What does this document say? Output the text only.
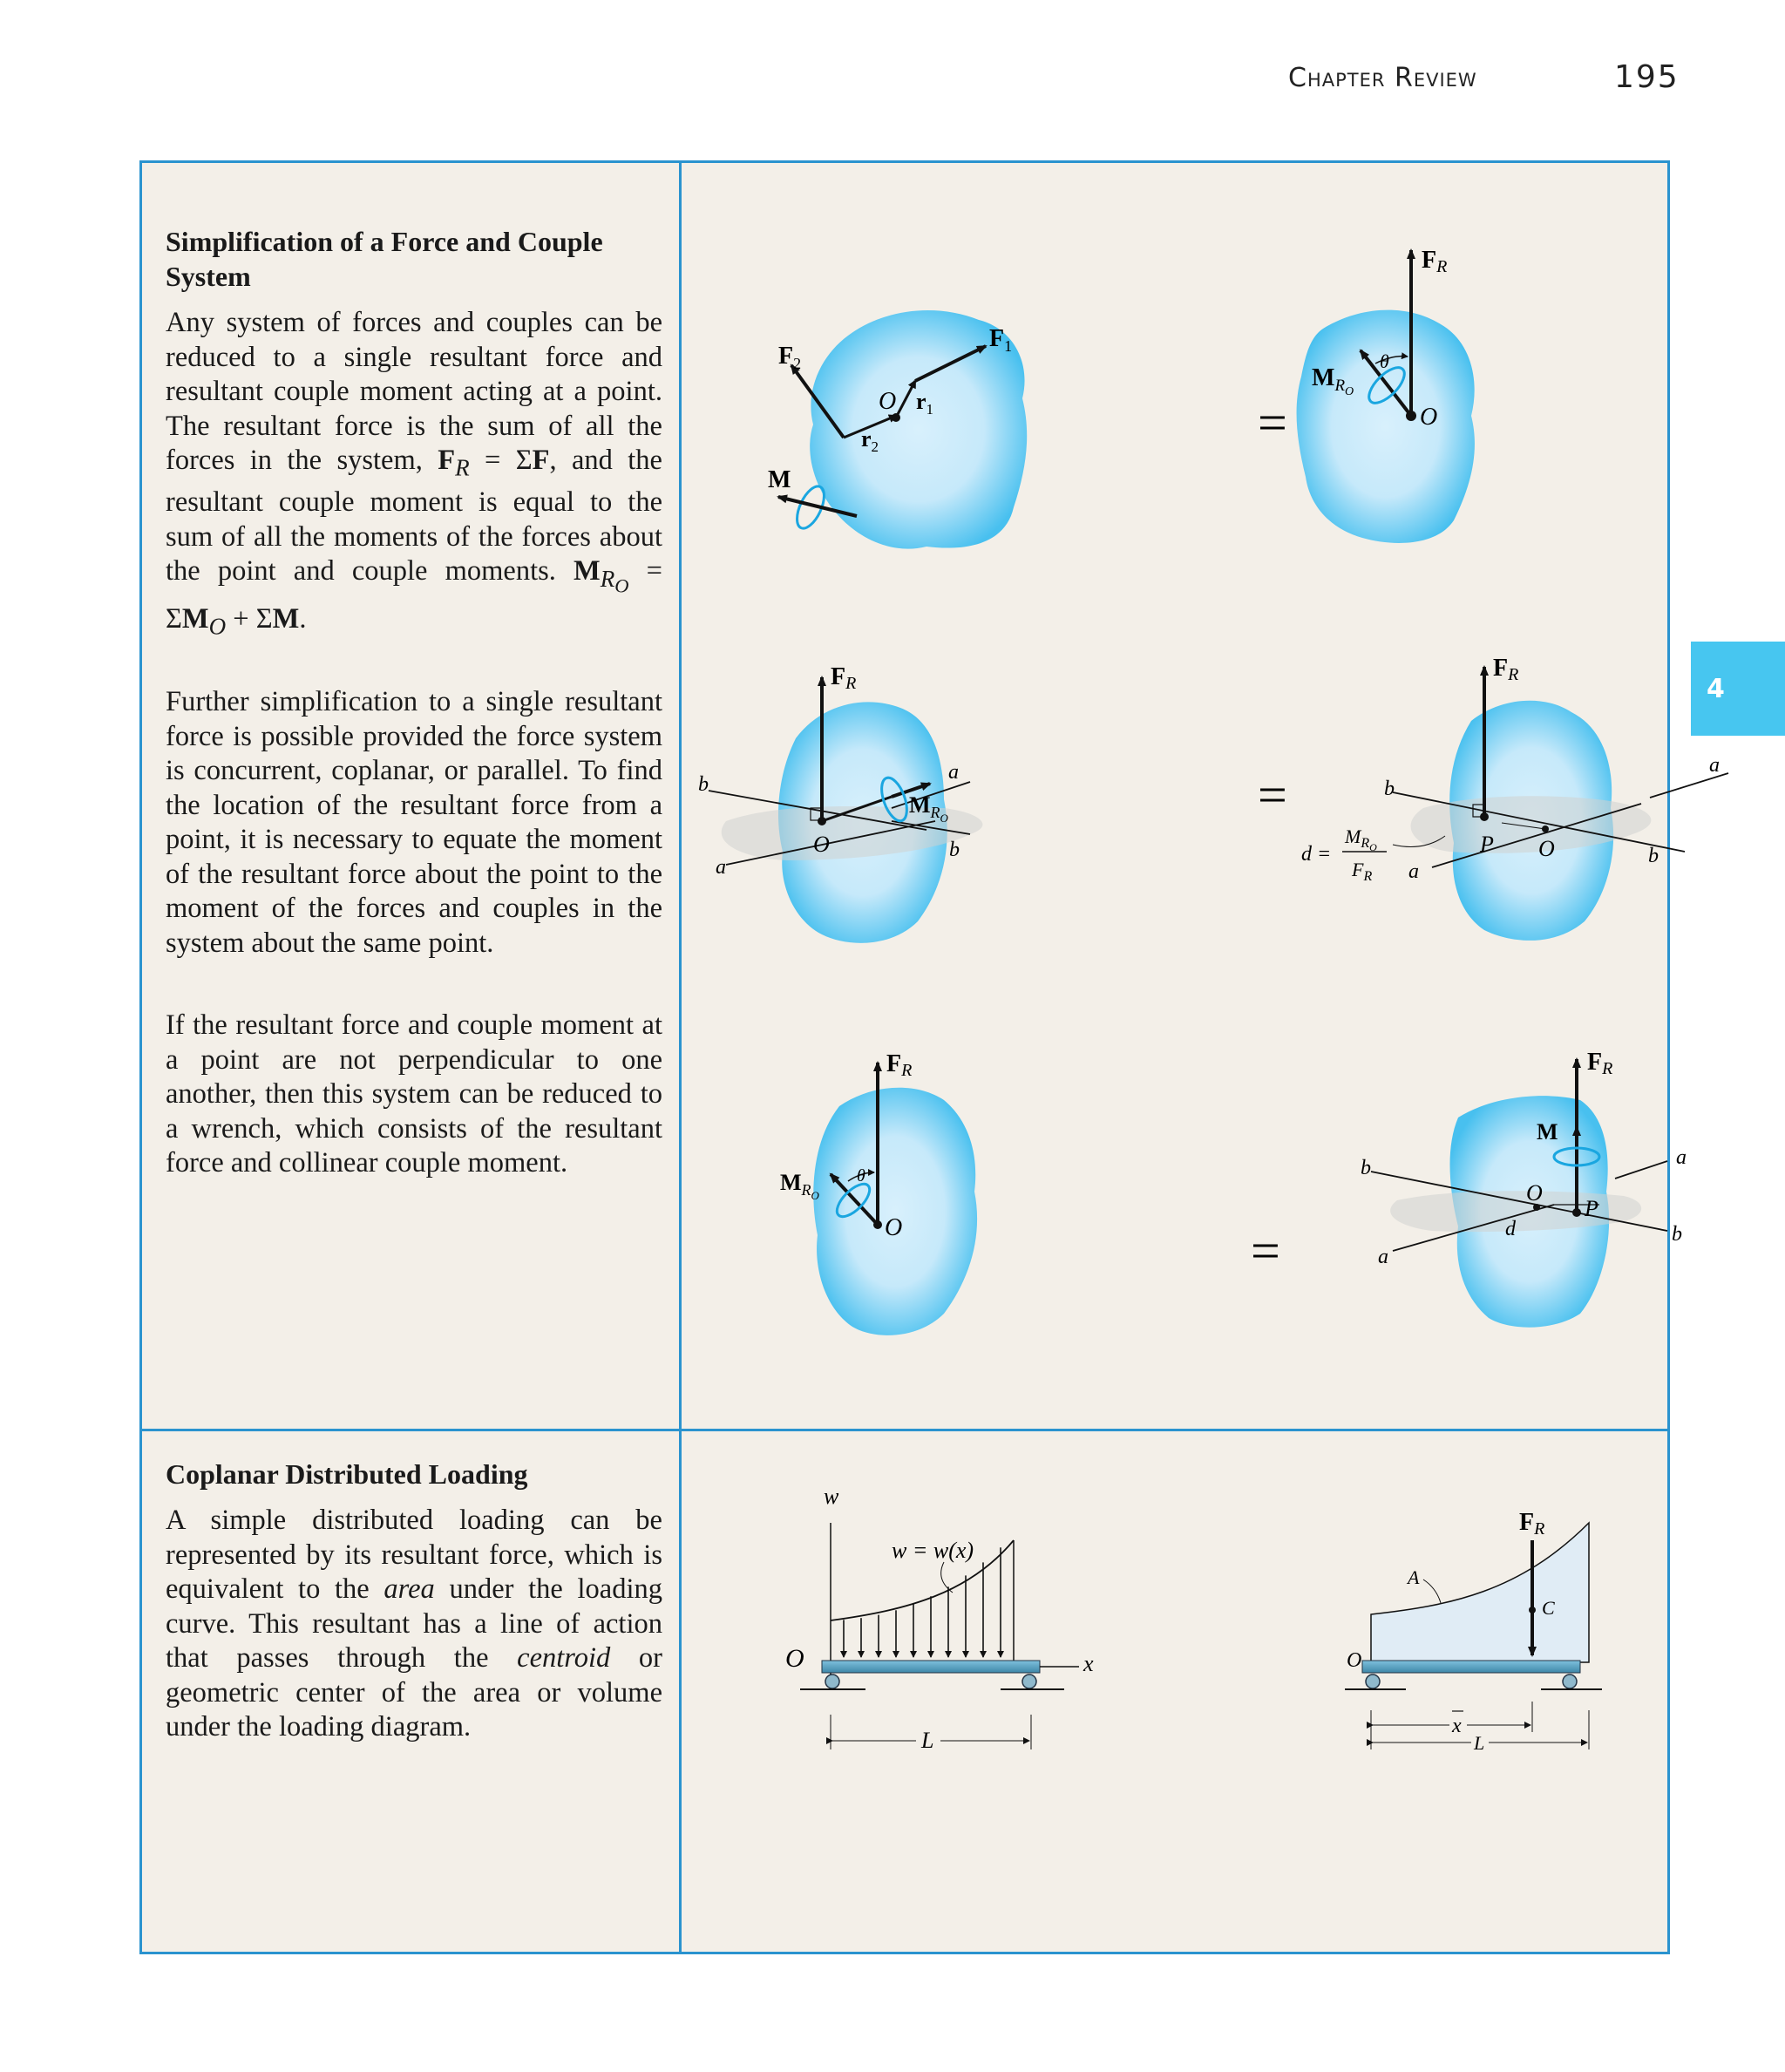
Chapter Review	195
4
Simplification of a Force and Couple System

Any system of forces and couples can be reduced to a single resultant force and resultant couple moment acting at a point. The resultant force is the sum of all the forces in the system, $F_R = \Sigma F$, and the resultant couple moment is equal to the sum of all the moments of the forces about the point and couple moments. $M_{R_O} = \Sigma M_O + \Sigma M$.

Further simplification to a single resultant force is possible provided the force system is concurrent, coplanar, or parallel. To find the location of the resultant force from a point, it is necessary to equate the moment of the resultant force about the point to the moment of the forces and couples in the system about the same point.

If the resultant force and couple moment at a point are not perpendicular to one another, then this system can be reduced to a wrench, which consists of the resultant force and collinear couple moment.

Coplanar Distributed Loading

A simple distributed loading can be represented by its resultant force, which is equivalent to the area under the loading curve. This resultant has a line of action that passes through the centroid or geometric center of the area or volume under the loading diagram.

$F_2$
$F_1$
O $r_1$
$r_2$
M
=
FR
$M_RO$
θ
O
FR
$M_RO$
O
b
a
a
b
=
FR
P O
b
a
a
b
d =
$M_RO$
$F_R$
FR
$M_RO$
θ
O	=
FR
M
O
P
d
b
a
a
b
O
w
w = w(x)
x
L
FR
A
C
O
x
L
